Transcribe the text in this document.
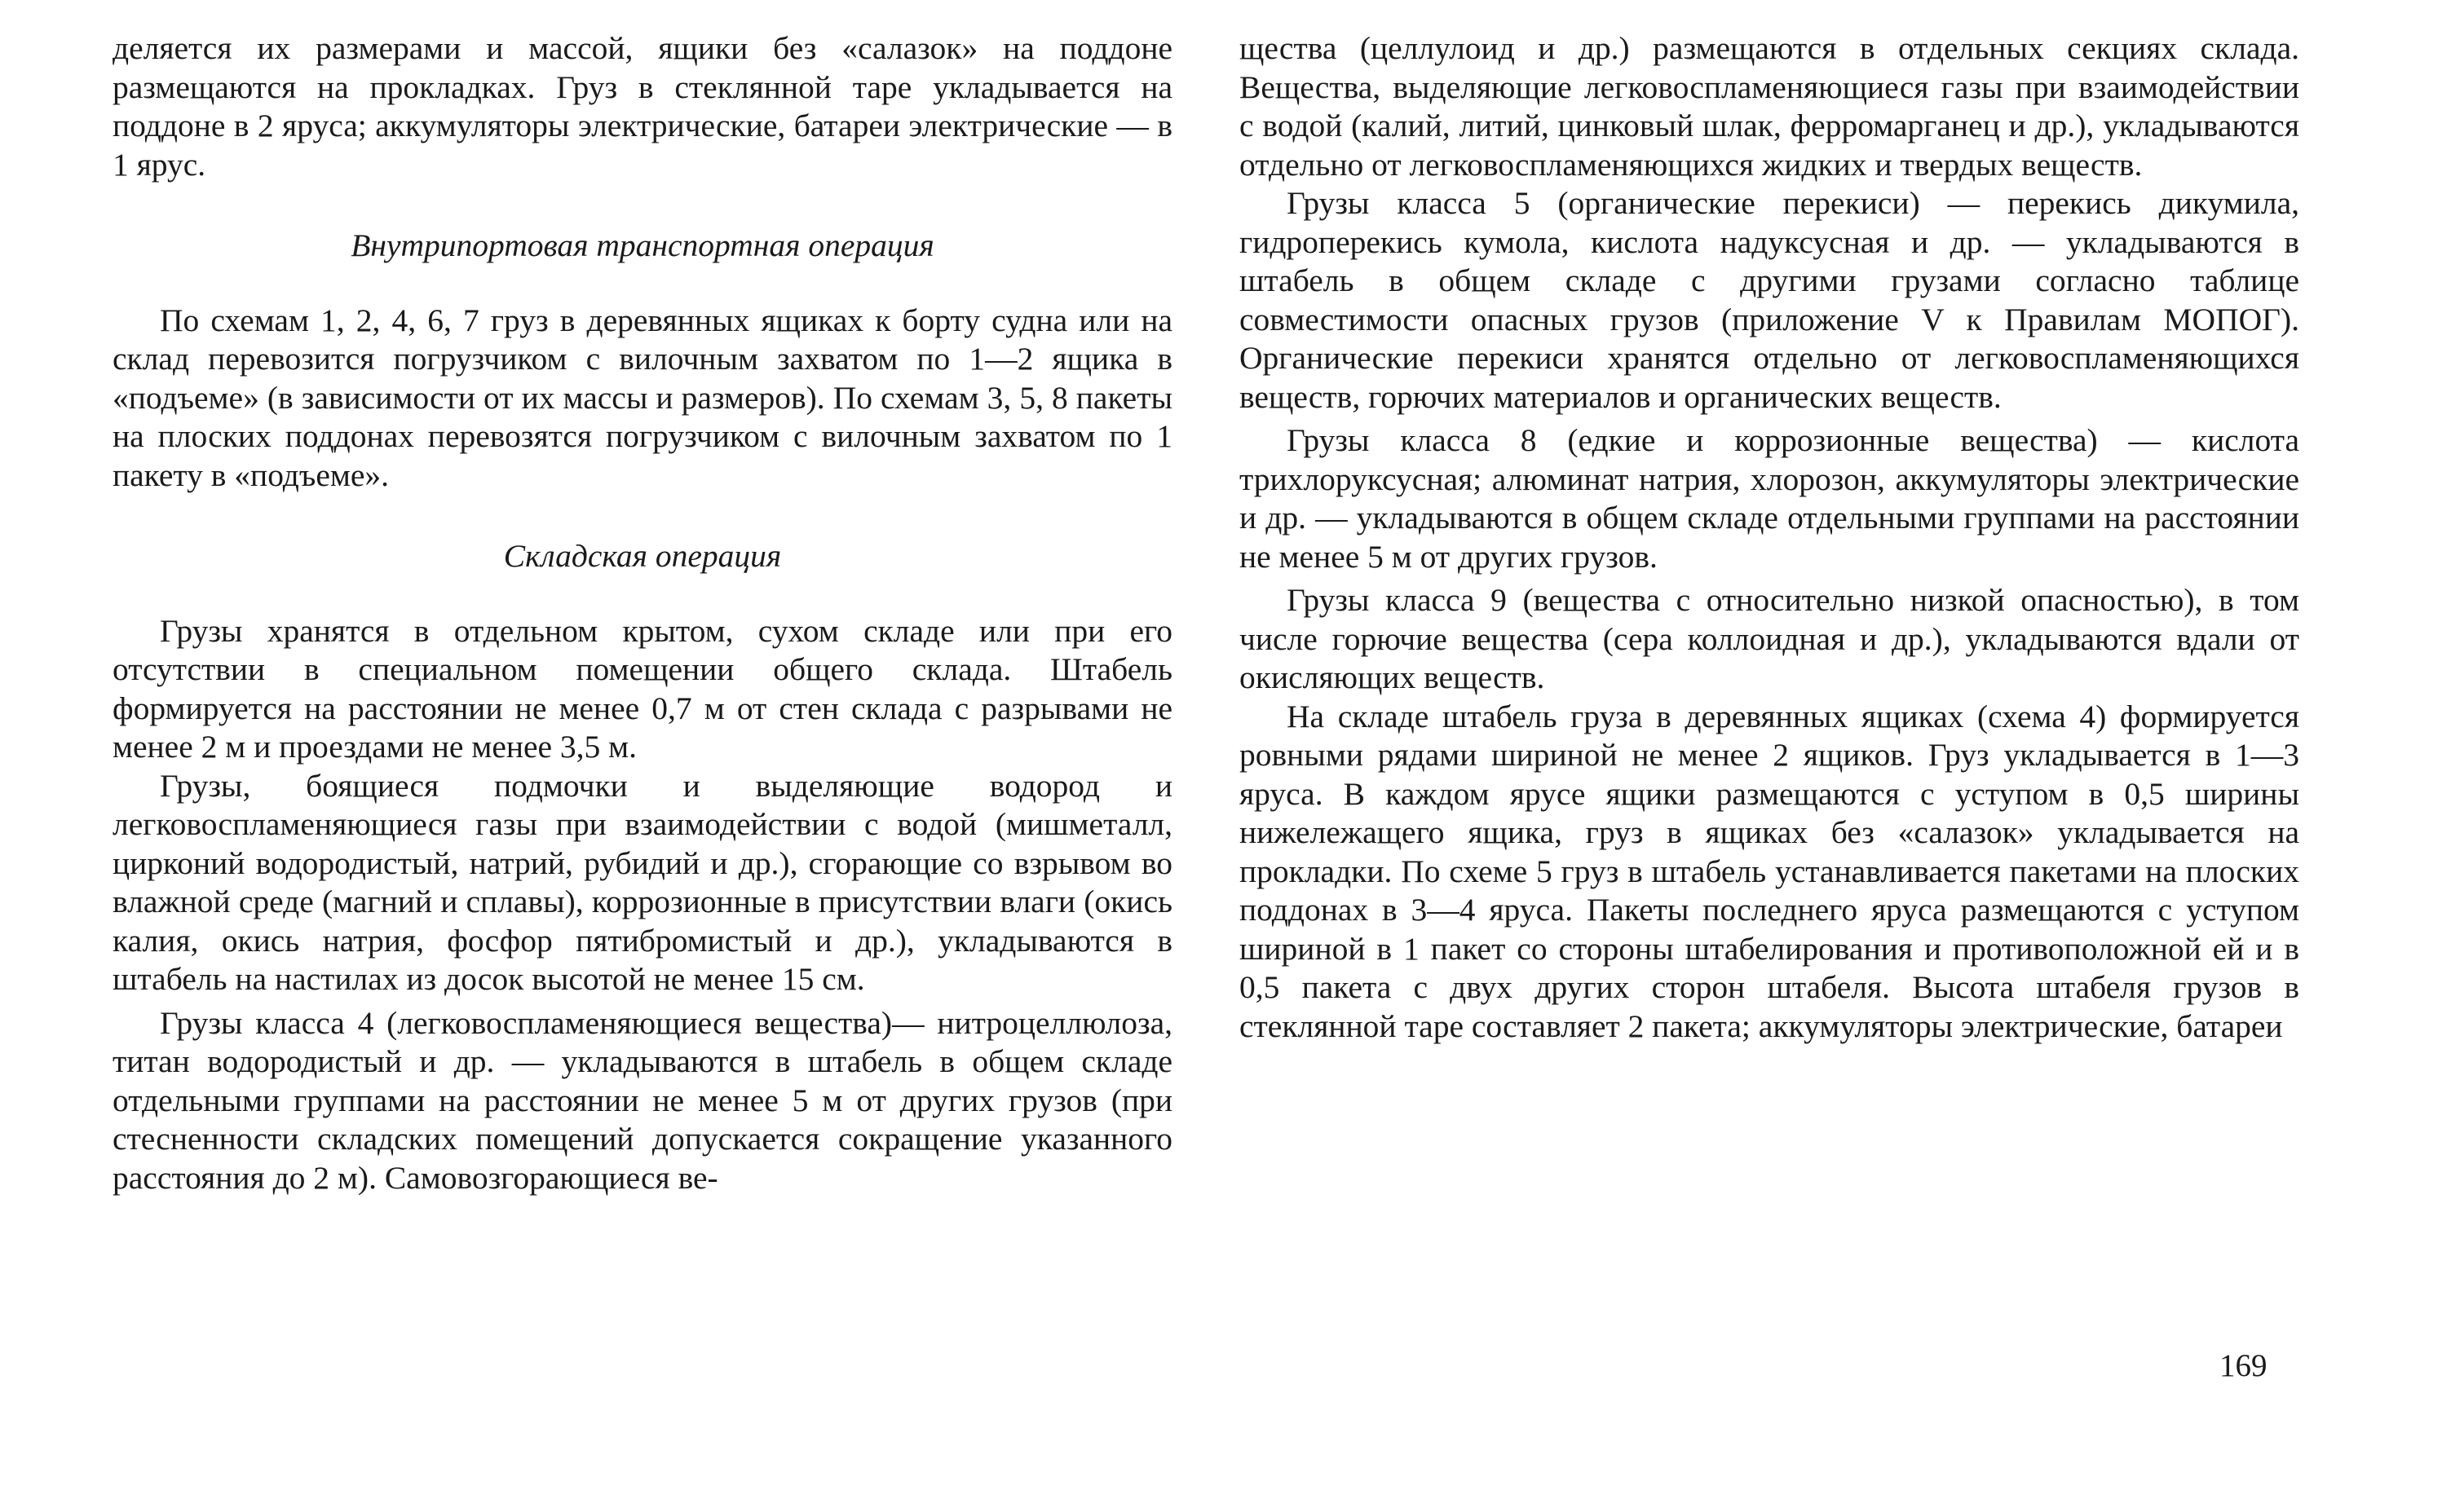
деляется их размерами и массой, ящики без «салазок» на поддоне размещаются на прокладках. Груз в стеклянной таре укладывается на поддоне в 2 яруса; аккумуляторы электрические, батареи электрические — в 1 ярус.

Внутрипортовая транспортная операция

По схемам 1, 2, 4, 6, 7 груз в деревянных ящиках к борту судна или на склад перевозится погрузчиком с вилочным захватом по 1—2 ящика в «подъеме» (в зависимости от их массы и размеров). По схемам 3, 5, 8 пакеты на плоских поддонах перевозятся погрузчиком с вилочным захватом по 1 пакету в «подъеме».

Складская операция

Грузы хранятся в отдельном крытом, сухом складе или при его отсутствии в специальном помещении общего склада. Штабель формируется на расстоянии не менее 0,7 м от стен склада с разрывами не менее 2 м и проездами не менее 3,5 м.

Грузы, боящиеся подмочки и выделяющие водород и легковоспламеняющиеся газы при взаимодействии с водой (мишметалл, цирконий водородистый, натрий, рубидий и др.), сгорающие со взрывом во влажной среде (магний и сплавы), коррозионные в присутствии влаги (окись калия, окись натрия, фосфор пятибромистый и др.), укладываются в штабель на настилах из досок высотой не менее 15 см.

Грузы класса 4 (легковоспламеняющиеся вещества)— нитроцеллюлоза, титан водородистый и др. — укладываются в штабель в общем складе отдельными группами на расстоянии не менее 5 м от других грузов (при стесненности складских помещений допускается сокращение указанного расстояния до 2 м). Самовозгорающиеся ве-

щества (целлулоид и др.) размещаются в отдельных секциях склада. Вещества, выделяющие легковоспламеняющиеся газы при взаимодействии с водой (калий, литий, цинковый шлак, ферромарганец и др.), укладываются отдельно от легковоспламеняющихся жидких и твердых веществ.

Грузы класса 5 (органические перекиси) — перекись дикумила, гидроперекись кумола, кислота надуксусная и др. — укладываются в штабель в общем складе с другими грузами согласно таблице совместимости опасных грузов (приложение V к Правилам МОПОГ). Органические перекиси хранятся отдельно от легковоспламеняющихся веществ, горючих материалов и органических веществ.

Грузы класса 8 (едкие и коррозионные вещества) — кислота трихлоруксусная; алюминат натрия, хлорозон, аккумуляторы электрические и др. — укладываются в общем складе отдельными группами на расстоянии не менее 5 м от других грузов.

Грузы класса 9 (вещества с относительно низкой опасностью), в том числе горючие вещества (сера коллоидная и др.), укладываются вдали от окисляющих веществ.

На складе штабель груза в деревянных ящиках (схема 4) формируется ровными рядами шириной не менее 2 ящиков. Груз укладывается в 1—3 яруса. В каждом ярусе ящики размещаются с уступом в 0,5 ширины нижележащего ящика, груз в ящиках без «салазок» укладывается на прокладки. По схеме 5 груз в штабель устанавливается пакетами на плоских поддонах в 3—4 яруса. Пакеты последнего яруса размещаются с уступом шириной в 1 пакет со стороны штабелирования и противоположной ей и в 0,5 пакета с двух других сторон штабеля. Высота штабеля грузов в стеклянной таре составляет 2 пакета; аккумуляторы электрические, батареи

169
